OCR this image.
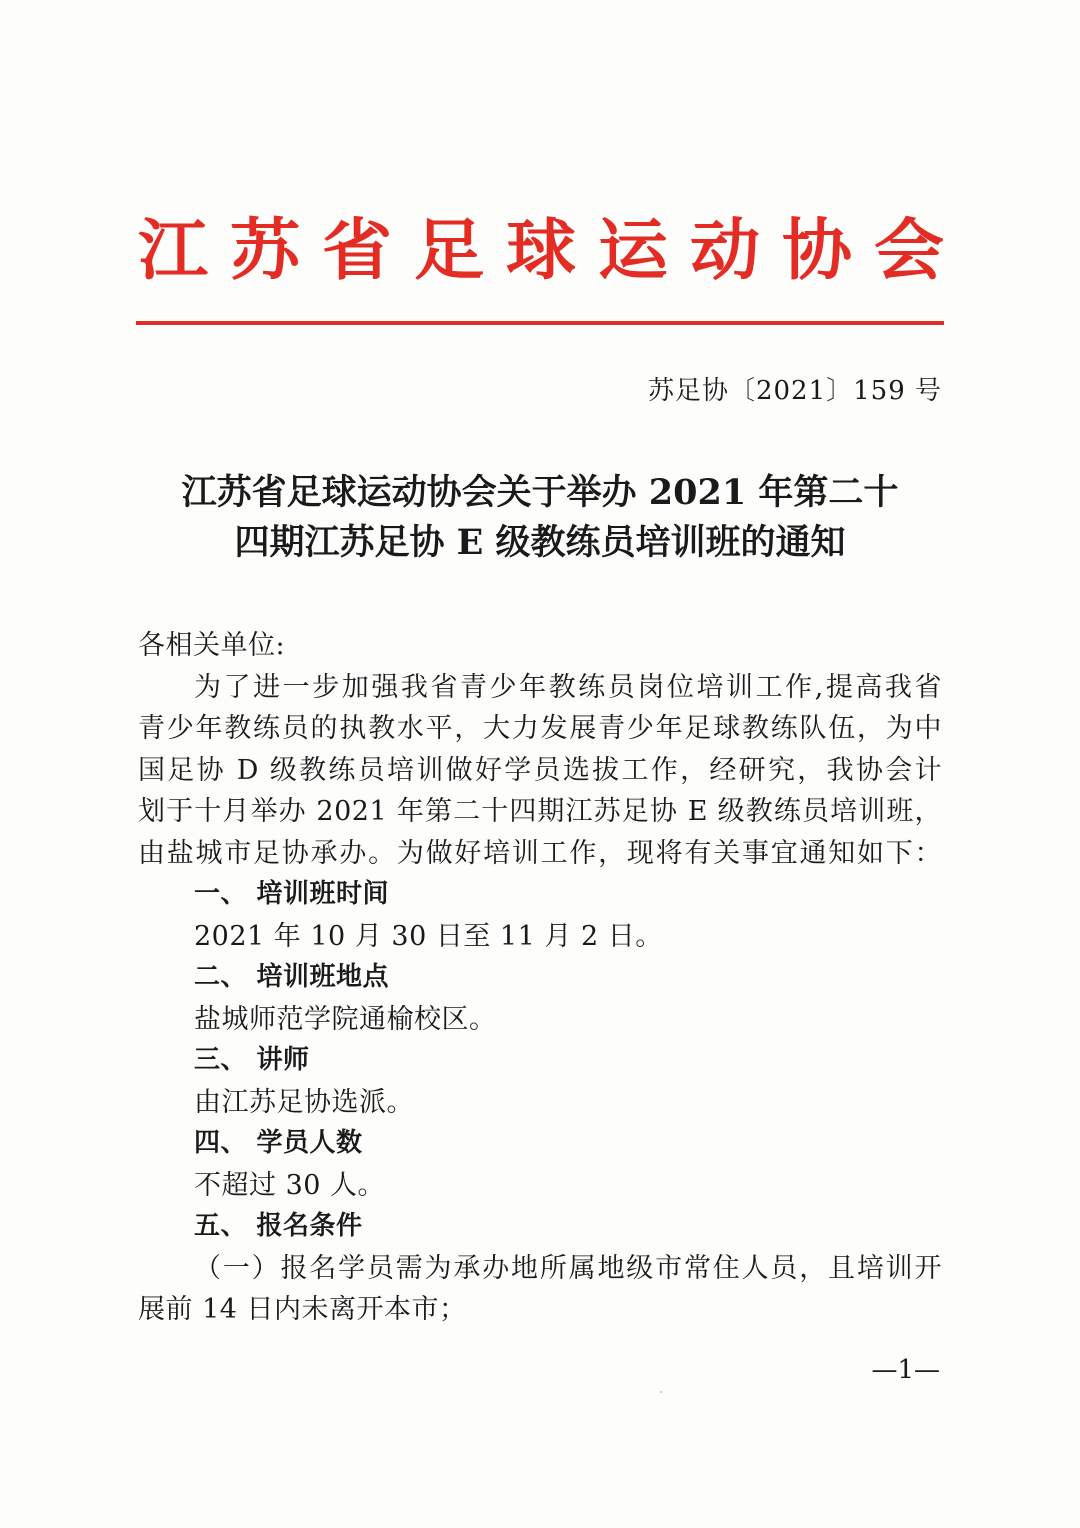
江 苏 省 足 球 运 动 协 会
苏足协〔2021〕159 号
江苏省足球运动协会关于举办 2021 年第二十
四期江苏足协 E 级教练员培训班的通知
各相关单位:
为了进一步加强我省青少年教练员岗位培训工作,提高我省
青少年教练员的执教水平，大力发展青少年足球教练队伍，为中
国足协 D 级教练员培训做好学员选拔工作，经研究，我协会计
划于十月举办 2021 年第二十四期江苏足协 E 级教练员培训班，
由盐城市足协承办。为做好培训工作，现将有关事宜通知如下：
一、 培训班时间
2021 年 10 月 30 日至 11 月 2 日。
二、 培训班地点
盐城师范学院通榆校区。
三、 讲师
由江苏足协选派。
四、 学员人数
不超过 30 人。
五、 报名条件
（一）报名学员需为承办地所属地级市常住人员，且培训开
展前 14 日内未离开本市；
—1—
